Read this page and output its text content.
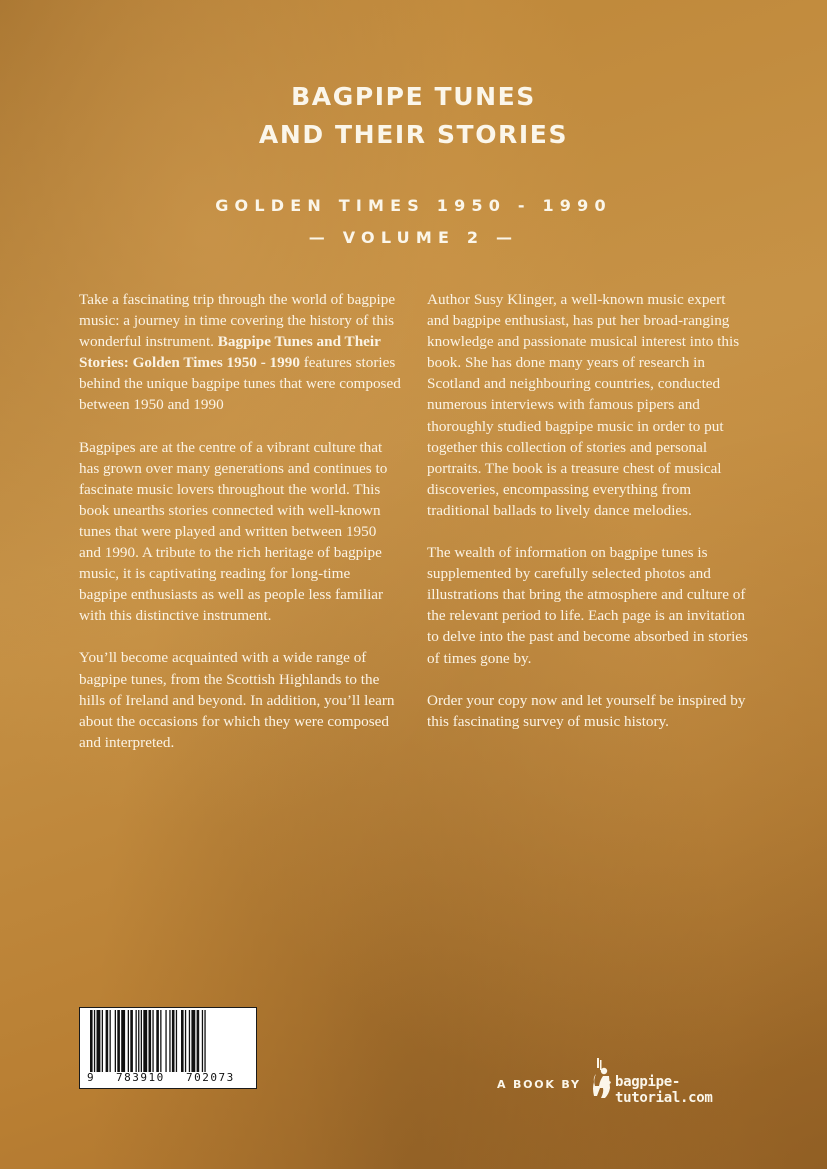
BAGPIPE TUNES
AND THEIR STORIES
GOLDEN TIMES 1950 - 1990
— VOLUME 2 —

Take a fascinating trip through the world of bagpipe music: a journey in time covering the history of this wonderful instrument. Bagpipe Tunes and Their Stories: Golden Times 1950 - 1990 features stories behind the unique bagpipe tunes that were composed between 1950 and 1990

Bagpipes are at the centre of a vibrant culture that has grown over many generations and continues to fascinate music lovers throughout the world. This book unearths stories connected with well-known tunes that were played and written between 1950 and 1990. A tribute to the rich heritage of bagpipe music, it is captivating reading for long-time bagpipe enthusiasts as well as people less familiar with this distinctive instrument.

You’ll become acquainted with a wide range of bagpipe tunes, from the Scottish Highlands to the hills of Ireland and beyond. In addition, you’ll learn about the occasions for which they were composed and interpreted.

Author Susy Klinger, a well-known music expert and bagpipe enthusiast, has put her broad-ranging knowledge and passionate musical interest into this book. She has done many years of research in Scotland and neighbouring countries, conducted numerous interviews with famous pipers and thoroughly studied bagpipe music in order to put together this collection of stories and personal portraits. The book is a treasure chest of musical discoveries, encompassing everything from traditional ballads to lively dance melodies.

The wealth of information on bagpipe tunes is supplemented by carefully selected photos and illustrations that bring the atmosphere and culture of the relevant period to life. Each page is an invitation to delve into the past and become absorbed in stories of times gone by.

Order your copy now and let yourself be inspired by this fascinating survey of music history.

9 783910 702073
A BOOK BY bagpipe-tutorial.com
